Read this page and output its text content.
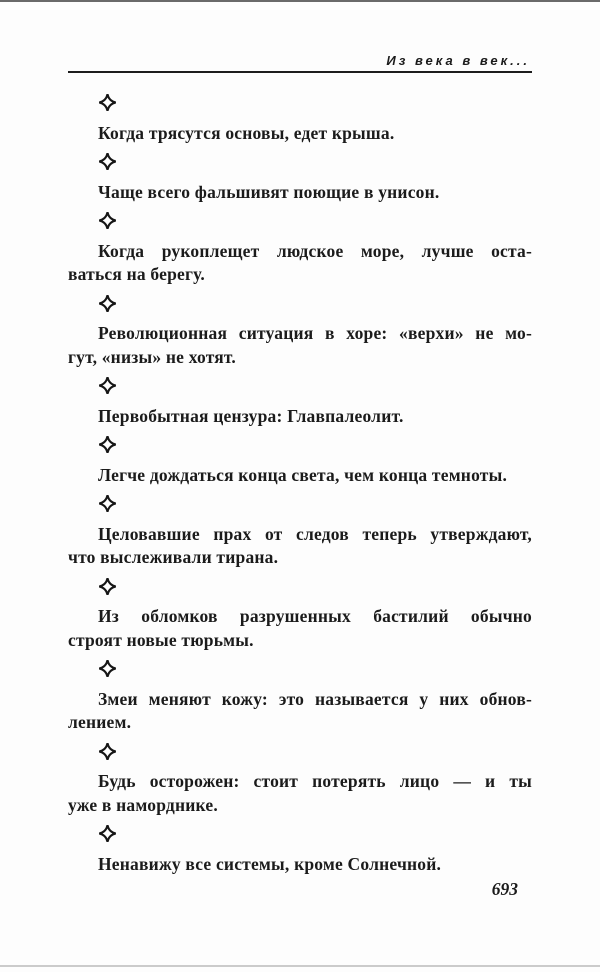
Из века в век...

Когда трясутся основы, едет крыша.

Чаще всего фальшивят поющие в унисон.

Когда рукоплещет людское море, лучше оста-
ваться на берегу.

Революционная ситуация в хоре: «верхи» не мо-
гут, «низы» не хотят.

Первобытная цензура: Главпалеолит.

Легче дождаться конца света, чем конца темноты.

Целовавшие прах от следов теперь утверждают,
что выслеживали тирана.

Из обломков разрушенных бастилий обычно
строят новые тюрьмы.

Змеи меняют кожу: это называется у них обнов-
лением.

Будь осторожен: стоит потерять лицо — и ты
уже в наморднике.

Ненавижу все системы, кроме Солнечной.

693
